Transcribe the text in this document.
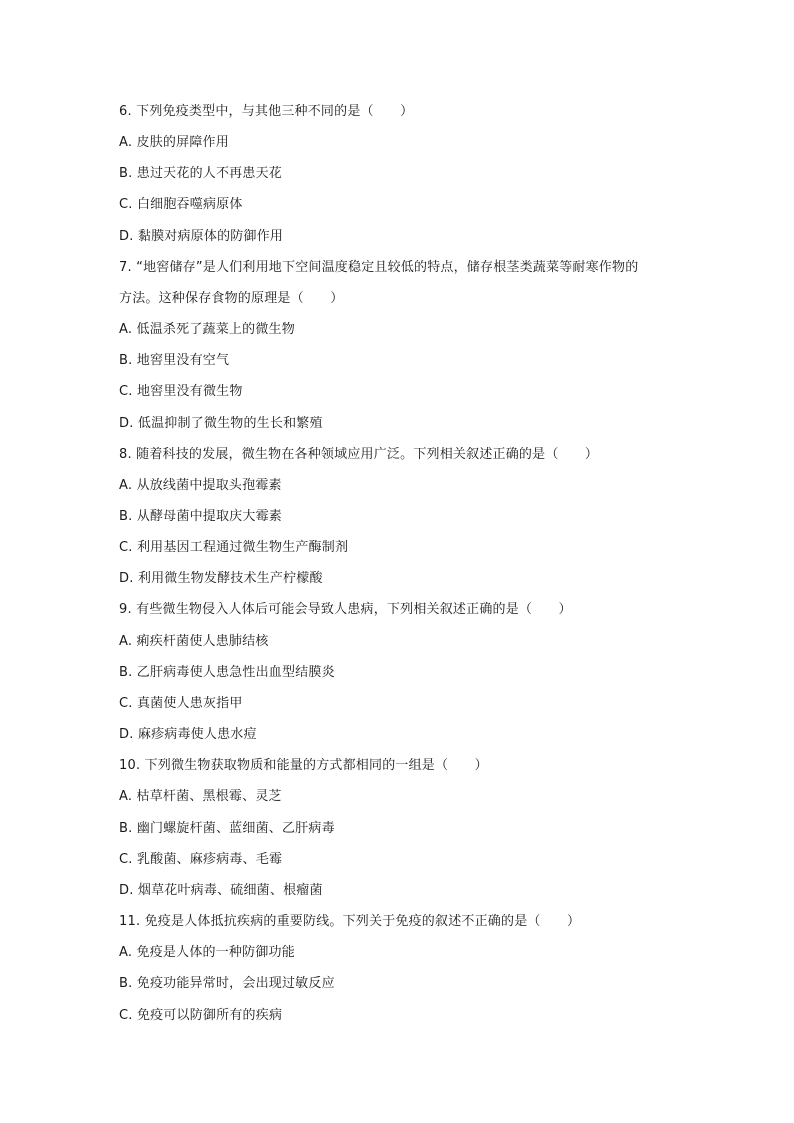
6. 下列免疫类型中，与其他三种不同的是（　　）
A. 皮肤的屏障作用
B. 患过天花的人不再患天花
C. 白细胞吞噬病原体
D. 黏膜对病原体的防御作用
7. “地窖储存”是人们利用地下空间温度稳定且较低的特点，储存根茎类蔬菜等耐寒作物的
方法。这种保存食物的原理是（　　）
A. 低温杀死了蔬菜上的微生物
B. 地窖里没有空气
C. 地窖里没有微生物
D. 低温抑制了微生物的生长和繁殖
8. 随着科技的发展，微生物在各种领域应用广泛。下列相关叙述正确的是（　　）
A. 从放线菌中提取头孢霉素
B. 从酵母菌中提取庆大霉素
C. 利用基因工程通过微生物生产酶制剂
D. 利用微生物发酵技术生产柠檬酸
9. 有些微生物侵入人体后可能会导致人患病，下列相关叙述正确的是（　　）
A. 痢疾杆菌使人患肺结核
B. 乙肝病毒使人患急性出血型结膜炎
C. 真菌使人患灰指甲
D. 麻疹病毒使人患水痘
10. 下列微生物获取物质和能量的方式都相同的一组是（　　）
A. 枯草杆菌、黑根霉、灵芝
B. 幽门螺旋杆菌、蓝细菌、乙肝病毒
C. 乳酸菌、麻疹病毒、毛霉
D. 烟草花叶病毒、硫细菌、根瘤菌
11. 免疫是人体抵抗疾病的重要防线。下列关于免疫的叙述不正确的是（　　）
A. 免疫是人体的一种防御功能
B. 免疫功能异常时，会出现过敏反应
C. 免疫可以防御所有的疾病
